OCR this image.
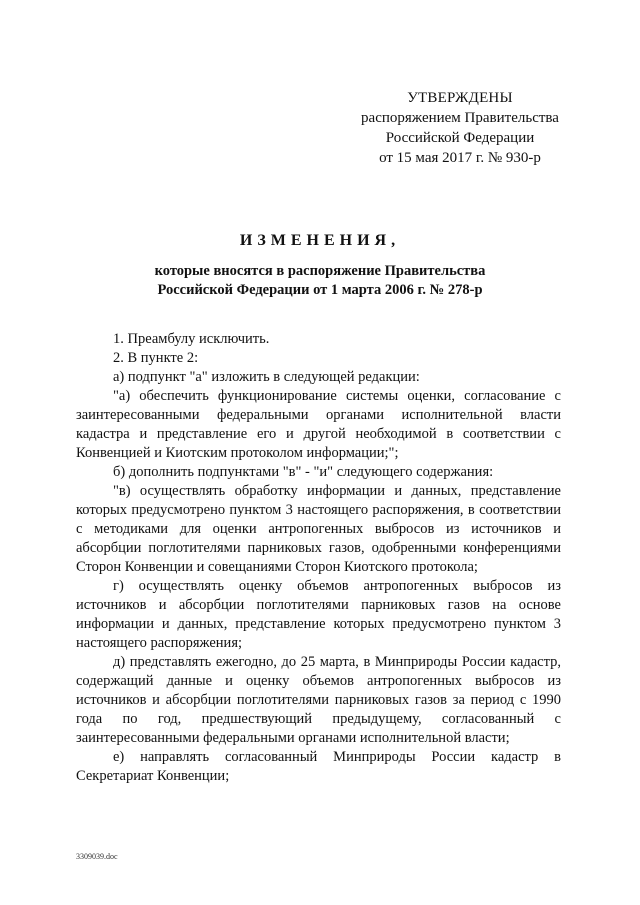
УТВЕРЖДЕНЫ
распоряжением Правительства
Российской Федерации
от 15 мая 2017 г. № 930-р
ИЗМЕНЕНИЯ,
которые вносятся в распоряжение Правительства
Российской Федерации от 1 марта 2006 г. № 278-р

1. Преамбулу исключить.

2. В пункте 2:

а) подпункт "а" изложить в следующей редакции:

"а) обеспечить функционирование системы оценки, согласование с заинтересованными федеральными органами исполнительной власти кадастра и представление его и другой необходимой в соответствии с Конвенцией и Киотским протоколом информации;";

б) дополнить подпунктами "в" - "и" следующего содержания:

"в) осуществлять обработку информации и данных, представление которых предусмотрено пунктом 3 настоящего распоряжения, в соответствии с методиками для оценки антропогенных выбросов из источников и абсорбции поглотителями парниковых газов, одобренными конференциями Сторон Конвенции и совещаниями Сторон Киотского протокола;

г) осуществлять оценку объемов антропогенных выбросов из источников и абсорбции поглотителями парниковых газов на основе информации и данных, представление которых предусмотрено пунктом 3 настоящего распоряжения;

д) представлять ежегодно, до 25 марта, в Минприроды России кадастр, содержащий данные и оценку объемов антропогенных выбросов из источников и абсорбции поглотителями парниковых газов за период с 1990 года по год, предшествующий предыдущему, согласованный с заинтересованными федеральными органами исполнительной власти;

е) направлять согласованный Минприроды России кадастр в Секретариат Конвенции;

3309039.doc
